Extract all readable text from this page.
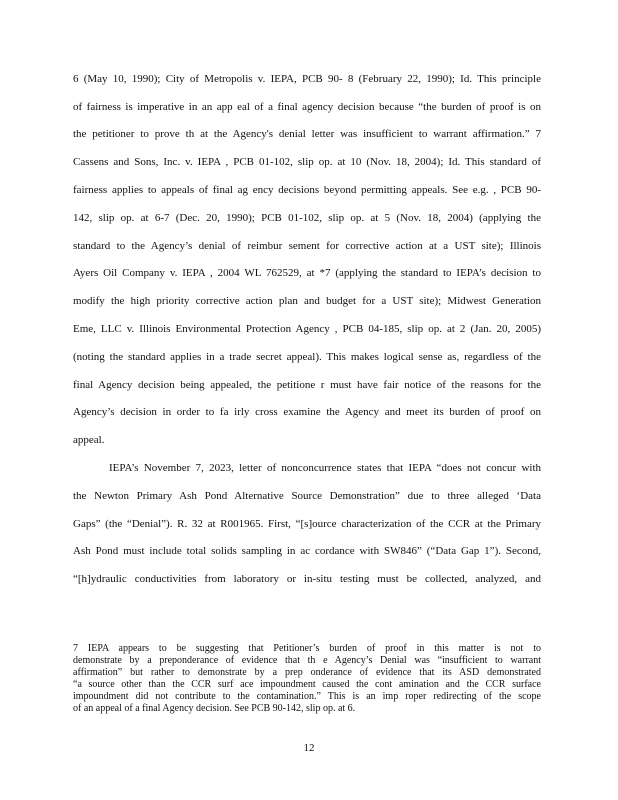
6 (May 10, 1990); City of Metropolis v. IEPA, PCB 90- 8 (February 22, 1990); Id. This principle
of fairness is imperative in an app eal of a final agency decision because “the burden of proof is on
the petitioner to prove th at the Agency's denial letter was insufficient to warrant affirmation.” 7
Cassens and Sons, Inc. v. IEPA , PCB 01-102, slip op. at 10 (Nov. 18, 2004); Id. This standard of
fairness applies to appeals of final ag ency decisions beyond permitting appeals. See e.g. , PCB 90-
142, slip op. at 6-7 (Dec. 20, 1990); PCB 01-102, slip op. at 5 (Nov. 18, 2004) (applying the
standard to the Agency’s denial of reimbur sement for corrective action at a UST site); Illinois
Ayers Oil Company v. IEPA , 2004 WL 762529, at *7 (applying the standard to IEPA’s decision to
modify the high priority corrective action plan and budget for a UST site); Midwest Generation
Eme, LLC v. Illinois Environmental Protection Agency , PCB 04-185, slip op. at 2 (Jan. 20, 2005)
(noting the standard applies in a trade secret appeal). This makes logical sense as, regardless of the
final Agency decision being appealed, the petitione r must have fair notice of the reasons for the
Agency’s decision in order to fa irly cross examine the Agency and meet its burden of proof on
appeal.
IEPA’s November 7, 2023, letter of nonconcurrence states that IEPA “does not concur with
the Newton Primary Ash Pond Alternative Source Demonstration” due to three alleged ‘Data
Gaps” (the “Denial”). R. 32 at R001965. First, “[s]ource characterization of the CCR at the Primary
Ash Pond must include total solids sampling in ac cordance with SW846” (“Data Gap 1”). Second,
“[h]ydraulic conductivities from laboratory or in-situ testing must be collected, analyzed, and
7 IEPA appears to be suggesting that Petitioner’s burden of proof in this matter is not to
demonstrate by a preponderance of evidence that th e Agency’s Denial was “insufficient to warrant
affirmation” but rather to demonstrate by a prep onderance of evidence that its ASD demonstrated
“a source other than the CCR surf ace impoundment caused the cont amination and the CCR surface
impoundment did not contribute to the contamination.” This is an imp roper redirecting of the scope
of an appeal of a final Agency decision. See PCB 90-142, slip op. at 6.
12
